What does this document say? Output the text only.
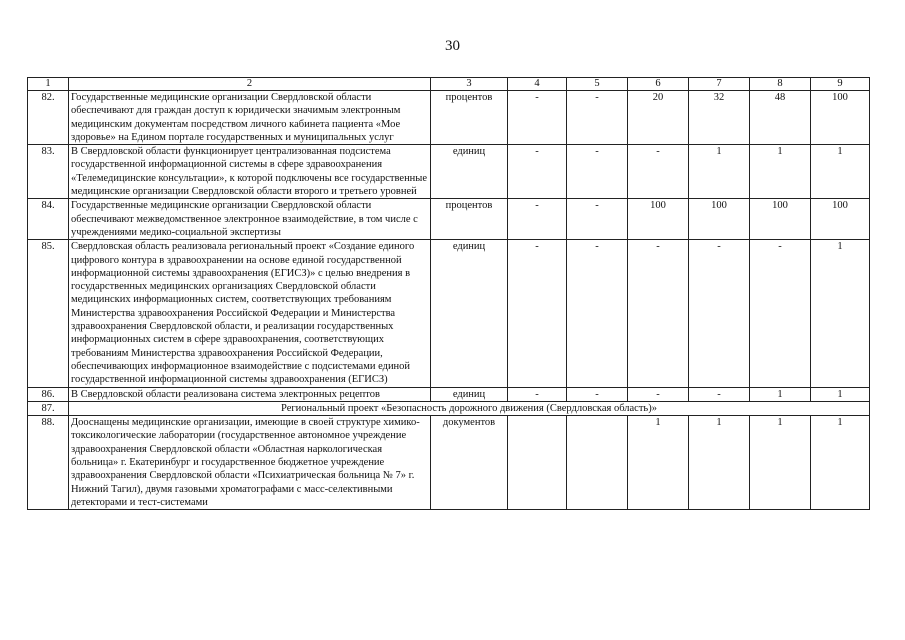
30
1	2	3	4	5	6	7	8	9
82.	Государственные медицинские организации Свердловской области обеспечивают для граждан доступ к юридически значимым электронным медицинским документам посредством личного кабинета пациента «Мое здоровье» на Едином портале государственных и муниципальных услуг	процентов	-	-	20	32	48	100
83.	В Свердловской области функционирует централизованная подсистема государственной информационной системы в сфере здравоохранения «Телемедицинские консультации», к которой подключены все государственные медицинские организации Свердловской области второго и третьего уровней	единиц	-	-	-	1	1	1
84.	Государственные медицинские организации Свердловской области обеспечивают межведомственное электронное взаимодействие, в том числе с учреждениями медико-социальной экспертизы	процентов	-	-	100	100	100	100
85.	Свердловская область реализовала региональный проект «Создание единого цифрового контура в здравоохранении на основе единой государственной информационной системы здравоохранения (ЕГИСЗ)» с целью внедрения в государственных медицинских организациях Свердловской области медицинских информационных систем, соответствующих требованиям Министерства здравоохранения Российской Федерации и Министерства здравоохранения Свердловской области, и реализации государственных информационных систем в сфере здравоохранения, соответствующих требованиям Министерства здравоохранения Российской Федерации, обеспечивающих информационное взаимодействие с подсистемами единой государственной информационной системы здравоохранения (ЕГИСЗ)	единиц	-	-	-	-	-	1
86.	В Свердловской области реализована система электронных рецептов	единиц	-	-	-	-	1	1
87.	Региональный проект «Безопасность дорожного движения (Свердловская область)»							
88.	Дооснащены медицинские организации, имеющие в своей структуре химико-токсикологические лаборатории (государственное автономное учреждение здравоохранения Свердловской области «Областная наркологическая больница» г. Екатеринбург и государственное бюджетное учреждение здравоохранения Свердловской области «Психиатрическая больница № 7» г. Нижний Тагил), двумя газовыми хроматографами с масс-селективными детекторами и тест-системами	документов			1	1	1	1
